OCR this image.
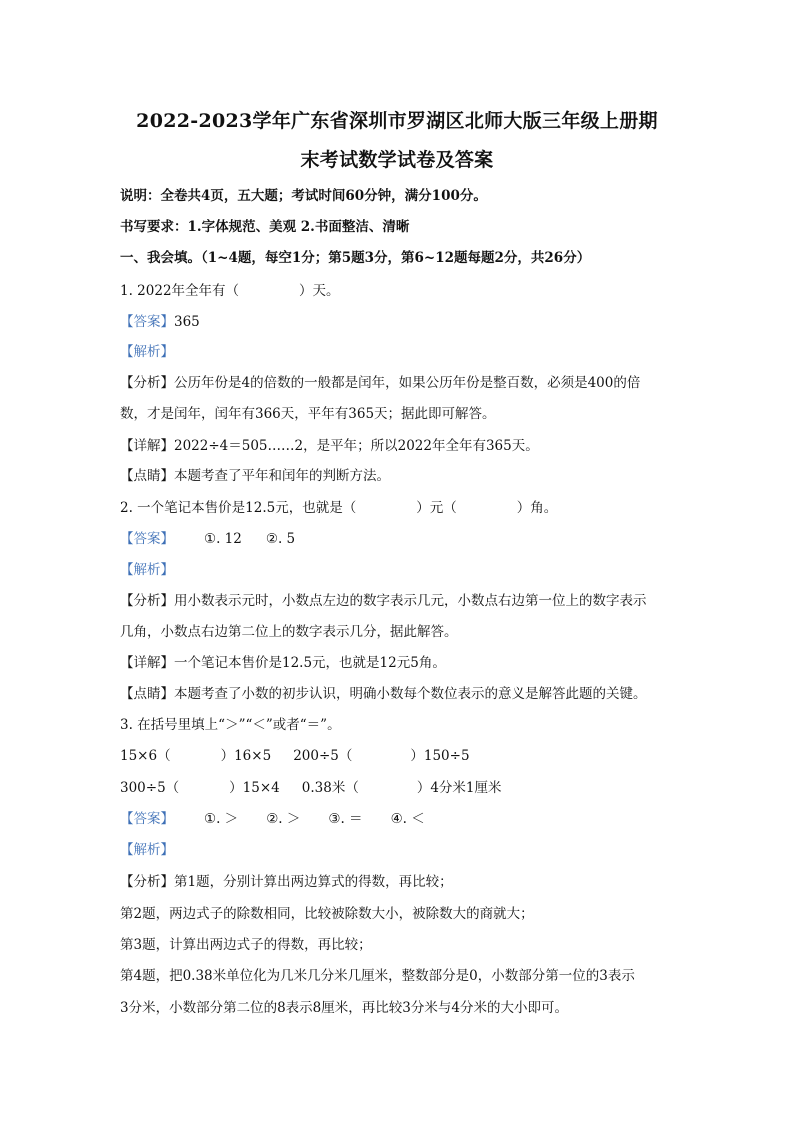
2022-2023学年广东省深圳市罗湖区北师大版三年级上册期
末考试数学试卷及答案
说明：全卷共4页，五大题；考试时间60分钟，满分100分。
书写要求：1.字体规范、美观 2.书面整洁、清晰
一、我会填。（1~4题，每空1分；第5题3分，第6~12题每题2分，共26分）
1. 2022年全年有（	）天。
【答案】365
【解析】
【分析】公历年份是4的倍数的一般都是闰年，如果公历年份是整百数，必须是400的倍
数，才是闰年，闰年有366天，平年有365天；据此即可解答。
【详解】2022÷4＝505……2，是平年；所以2022年全年有365天。
【点睛】本题考查了平年和闰年的判断方法。
2. 一个笔记本售价是12.5元，也就是（	）元（	）角。
【答案】 ①. 12 ②. 5
【解析】
【分析】用小数表示元时，小数点左边的数字表示几元，小数点右边第一位上的数字表示
几角，小数点右边第二位上的数字表示几分，据此解答。
【详解】一个笔记本售价是12.5元，也就是12元5角。
【点睛】本题考查了小数的初步认识，明确小数每个数位表示的意义是解答此题的关键。
3. 在括号里填上“＞”“＜”或者“＝”。
15×6（	）16×5 200÷5（	）150÷5
300÷5（	）15×4 0.38米（	）4分米1厘米
【答案】 ①. ＞ ②. ＞ ③. ＝ ④. ＜
【解析】
【分析】第1题，分别计算出两边算式的得数，再比较；
第2题，两边式子的除数相同，比较被除数大小，被除数大的商就大；
第3题，计算出两边式子的得数，再比较；
第4题，把0.38米单位化为几米几分米几厘米，整数部分是0，小数部分第一位的3表示
3分米，小数部分第二位的8表示8厘米，再比较3分米与4分米的大小即可。
